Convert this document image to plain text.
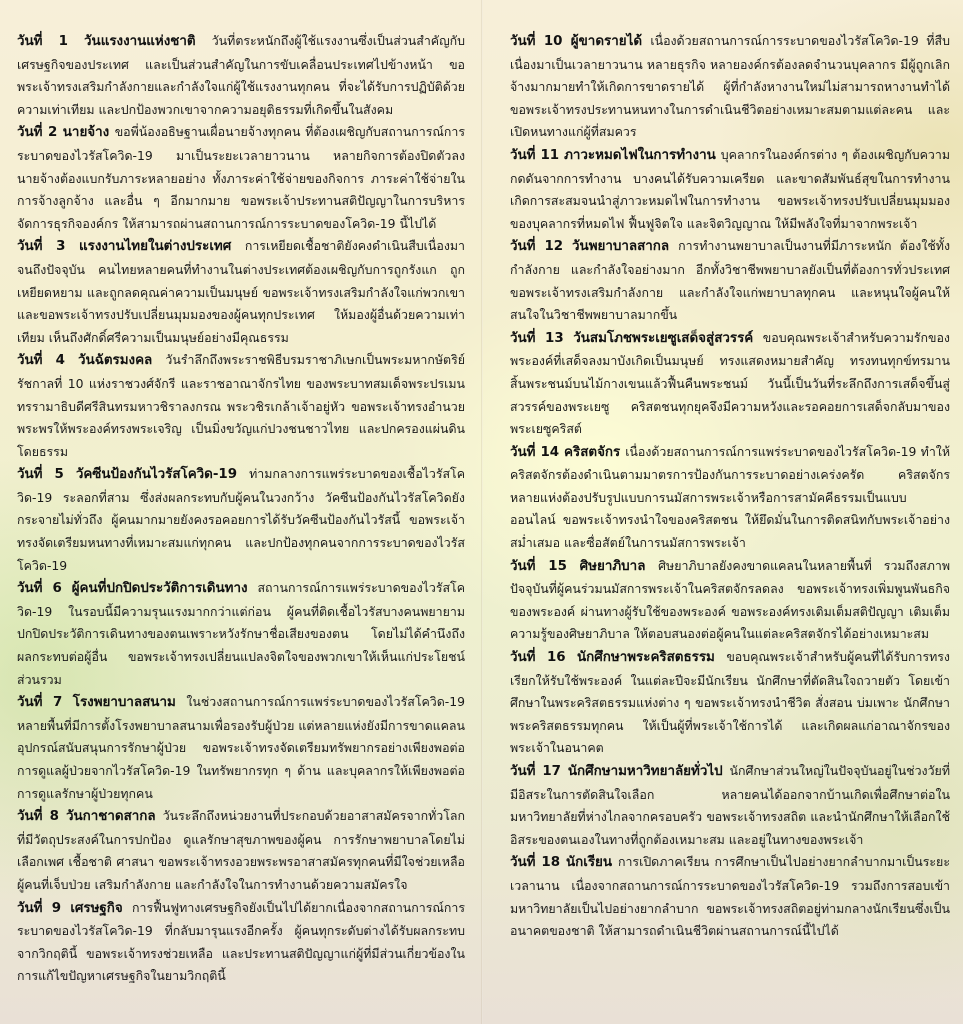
วันที่ 1 วันแรงงานแห่งชาติ วันที่ตระหนักถึงผู้ใช้แรงงานซึ่งเป็นส่วนสำคัญกับเศรษฐกิจของประเทศ และเป็นส่วนสำคัญในการขับเคลื่อนประเทศไปข้างหน้า ขอพระเจ้าทรงเสริมกำลังกายและกำลังใจแก่ผู้ใช้แรงงานทุกคน ที่จะได้รับการปฏิบัติด้วยความเท่าเทียม และปกป้องพวกเขาจากความอยุติธรรมที่เกิดขึ้นในสังคม

วันที่ 2 นายจ้าง ขอพี่น้องอธิษฐานเผื่อนายจ้างทุกคน ที่ต้องเผชิญกับสถานการณ์การระบาดของไวรัสโควิด-19 มาเป็นระยะเวลายาวนาน หลายกิจการต้องปิดตัวลง นายจ้างต้องแบกรับภาระหลายอย่าง ทั้งภาระค่าใช้จ่ายของกิจการ ภาระค่าใช้จ่ายในการจ้างลูกจ้าง และอื่น ๆ อีกมากมาย ขอพระเจ้าประทานสติปัญญาในการบริหารจัดการธุรกิจองค์กร ให้สามารถผ่านสถานการณ์การระบาดของโควิด-19 นี้ไปได้

วันที่ 3 แรงงานไทยในต่างประเทศ การเหยียดเชื้อชาติยังคงดำเนินสืบเนื่องมาจนถึงปัจจุบัน คนไทยหลายคนที่ทำงานในต่างประเทศต้องเผชิญกับการถูกรังแก ถูกเหยียดหยาม และถูกลดคุณค่าความเป็นมนุษย์ ขอพระเจ้าทรงเสริมกำลังใจแก่พวกเขา และขอพระเจ้าทรงปรับเปลี่ยนมุมมองของผู้คนทุกประเทศ ให้มองผู้อื่นด้วยความเท่าเทียม เห็นถึงศักดิ์ศรีความเป็นมนุษย์อย่างมีคุณธรรม

วันที่ 4 วันฉัตรมงคล วันรำลึกถึงพระราชพิธีบรมราชาภิเษกเป็นพระมหากษัตริย์รัชกาลที่ 10 แห่งราชวงศ์จักรี และราชอาณาจักรไทย ของพระบาทสมเด็จพระปรเมนทรรามาธิบดีศรีสินทรมหาวชิราลงกรณ พระวชิรเกล้าเจ้าอยู่หัว ขอพระเจ้าทรงอำนวยพระพรให้พระองค์ทรงพระเจริญ เป็นมิ่งขวัญแก่ปวงชนชาวไทย และปกครองแผ่นดินโดยธรรม

วันที่ 5 วัคซีนป้องกันไวรัสโควิด-19 ท่ามกลางการแพร่ระบาดของเชื้อไวรัสโควิด-19 ระลอกที่สาม ซึ่งส่งผลกระทบกับผู้คนในวงกว้าง วัคซีนป้องกันไวรัสโควิดยังกระจายไม่ทั่วถึง ผู้คนมากมายยังคงรอคอยการได้รับวัคซีนป้องกันไวรัสนี้ ขอพระเจ้าทรงจัดเตรียมหนทางที่เหมาะสมแก่ทุกคน และปกป้องทุกคนจากการระบาดของไวรัสโควิด-19

วันที่ 6 ผู้คนที่ปกปิดประวัติการเดินทาง สถานการณ์การแพร่ระบาดของไวรัสโควิด-19 ในรอบนี้มีความรุนแรงมากกว่าแต่ก่อน ผู้คนที่ติดเชื้อไวรัสบางคนพยายามปกปิดประวัติการเดินทางของตนเพราะหวังรักษาชื่อเสียงของตน โดยไม่ได้คำนึงถึงผลกระทบต่อผู้อื่น ขอพระเจ้าทรงเปลี่ยนแปลงจิตใจของพวกเขาให้เห็นแก่ประโยชน์ส่วนรวม

วันที่ 7 โรงพยาบาลสนาม ในช่วงสถานการณ์การแพร่ระบาดของไวรัสโควิด-19 หลายพื้นที่มีการตั้งโรงพยาบาลสนามเพื่อรองรับผู้ป่วย แต่หลายแห่งยังมีการขาดแคลนอุปกรณ์สนับสนุนการรักษาผู้ป่วย ขอพระเจ้าทรงจัดเตรียมทรัพยากรอย่างเพียงพอต่อการดูแลผู้ป่วยจากไวรัสโควิด-19 ในทรัพยากรทุก ๆ ด้าน และบุคลากรให้เพียงพอต่อการดูแลรักษาผู้ป่วยทุกคน

วันที่ 8 วันกาชาดสากล วันระลึกถึงหน่วยงานที่ประกอบด้วยอาสาสมัครจากทั่วโลกที่มีวัตถุประสงค์ในการปกป้อง ดูแลรักษาสุขภาพของผู้คน การรักษาพยาบาลโดยไม่เลือกเพศ เชื้อชาติ ศาสนา ขอพระเจ้าทรงอวยพระพรอาสาสมัครทุกคนที่มีใจช่วยเหลือผู้คนที่เจ็บป่วย เสริมกำลังกาย และกำลังใจในการทำงานด้วยความสมัครใจ

วันที่ 9 เศรษฐกิจ การฟื้นฟูทางเศรษฐกิจยังเป็นไปได้ยากเนื่องจากสถานการณ์การระบาดของไวรัสโควิด-19 ที่กลับมารุนแรงอีกครั้ง ผู้คนทุกระดับต่างได้รับผลกระทบจากวิกฤตินี้ ขอพระเจ้าทรงช่วยเหลือ และประทานสติปัญญาแก่ผู้ที่มีส่วนเกี่ยวข้องในการแก้ไขปัญหาเศรษฐกิจในยามวิกฤตินี้

วันที่ 10 ผู้ขาดรายได้ เนื่องด้วยสถานการณ์การระบาดของไวรัสโควิด-19 ที่สืบเนื่องมาเป็นเวลายาวนาน หลายธุรกิจ หลายองค์กรต้องลดจำนวนบุคลากร มีผู้ถูกเลิกจ้างมากมายทำให้เกิดการขาดรายได้ ผู้ที่กำลังหางานใหม่ไม่สามารถหางานทำได้ ขอพระเจ้าทรงประทานหนทางในการดำเนินชีวิตอย่างเหมาะสมตามแต่ละคน และเปิดหนทางแก่ผู้ที่สมควร

วันที่ 11 ภาวะหมดไฟในการทำงาน บุคลากรในองค์กรต่าง ๆ ต้องเผชิญกับความกดดันจากการทำงาน บางคนได้รับความเครียด และขาดสัมพันธ์สุขในการทำงาน เกิดการสะสมจนนำสู่ภาวะหมดไฟในการทำงาน ขอพระเจ้าทรงปรับเปลี่ยนมุมมองของบุคลากรที่หมดไฟ ฟื้นฟูจิตใจ และจิตวิญญาณ ให้มีพลังใจที่มาจากพระเจ้า

วันที่ 12 วันพยาบาลสากล การทำงานพยาบาลเป็นงานที่มีภาระหนัก ต้องใช้ทั้งกำลังกาย และกำลังใจอย่างมาก อีกทั้งวิชาชีพพยาบาลยังเป็นที่ต้องการทั่วประเทศ ขอพระเจ้าทรงเสริมกำลังกาย และกำลังใจแก่พยาบาลทุกคน และหนุนใจผู้คนให้สนใจในวิชาชีพพยาบาลมากขึ้น

วันที่ 13 วันสมโภชพระเยซูเสด็จสู่สวรรค์ ขอบคุณพระเจ้าสำหรับความรักของพระองค์ที่เสด็จลงมาบังเกิดเป็นมนุษย์ ทรงแสดงหมายสำคัญ ทรงทนทุกข์ทรมานสิ้นพระชนม์บนไม้กางเขนแล้วฟื้นคืนพระชนม์ วันนี้เป็นวันที่ระลึกถึงการเสด็จขึ้นสู่สวรรค์ของพระเยซู คริสตชนทุกยุคจึงมีความหวังและรอคอยการเสด็จกลับมาของพระเยซูคริสต์

วันที่ 14 คริสตจักร เนื่องด้วยสถานการณ์การแพร่ระบาดของไวรัสโควิด-19 ทำให้คริสตจักรต้องดำเนินตามมาตรการป้องกันการระบาดอย่างเคร่งครัด คริสตจักรหลายแห่งต้องปรับรูปแบบการนมัสการพระเจ้าหรือการสามัคคีธรรมเป็นแบบออนไลน์ ขอพระเจ้าทรงนำใจของคริสตชน ให้ยึดมั่นในการติดสนิทกับพระเจ้าอย่างสม่ำเสมอ และซื่อสัตย์ในการนมัสการพระเจ้า

วันที่ 15 ศิษยาภิบาล ศิษยาภิบาลยังคงขาดแคลนในหลายพื้นที่ รวมถึงสภาพปัจจุบันที่ผู้คนร่วมนมัสการพระเจ้าในคริสตจักรลดลง ขอพระเจ้าทรงเพิ่มพูนพันธกิจของพระองค์ ผ่านทางผู้รับใช้ของพระองค์ ขอพระองค์ทรงเติมเต็มสติปัญญา เติมเต็มความรู้ของศิษยาภิบาล ให้ตอบสนองต่อผู้คนในแต่ละคริสตจักรได้อย่างเหมาะสม

วันที่ 16 นักศึกษาพระคริสตธรรม ขอบคุณพระเจ้าสำหรับผู้คนที่ได้รับการทรงเรียกให้รับใช้พระองค์ ในแต่ละปีจะมีนักเรียน นักศึกษาที่ตัดสินใจถวายตัว โดยเข้าศึกษาในพระคริสตธรรมแห่งต่าง ๆ ขอพระเจ้าทรงนำชีวิต สั่งสอน บ่มเพาะ นักศึกษาพระคริสตธรรมทุกคน ให้เป็นผู้ที่พระเจ้าใช้การได้ และเกิดผลแก่อาณาจักรของพระเจ้าในอนาคต

วันที่ 17 นักศึกษามหาวิทยาลัยทั่วไป นักศึกษาส่วนใหญ่ในปัจจุบันอยู่ในช่วงวัยที่มีอิสระในการตัดสินใจเลือก หลายคนได้ออกจากบ้านเกิดเพื่อศึกษาต่อในมหาวิทยาลัยที่ห่างไกลจากครอบครัว ขอพระเจ้าทรงสถิต และนำนักศึกษาให้เลือกใช้อิสระของตนเองในทางที่ถูกต้องเหมาะสม และอยู่ในทางของพระเจ้า

วันที่ 18 นักเรียน การเปิดภาคเรียน การศึกษาเป็นไปอย่างยากลำบากมาเป็นระยะเวลานาน เนื่องจากสถานการณ์การระบาดของไวรัสโควิด-19 รวมถึงการสอบเข้ามหาวิทยาลัยเป็นไปอย่างยากลำบาก ขอพระเจ้าทรงสถิตอยู่ท่ามกลางนักเรียนซึ่งเป็นอนาคตของชาติ ให้สามารถดำเนินชีวิตผ่านสถานการณ์นี้ไปได้
